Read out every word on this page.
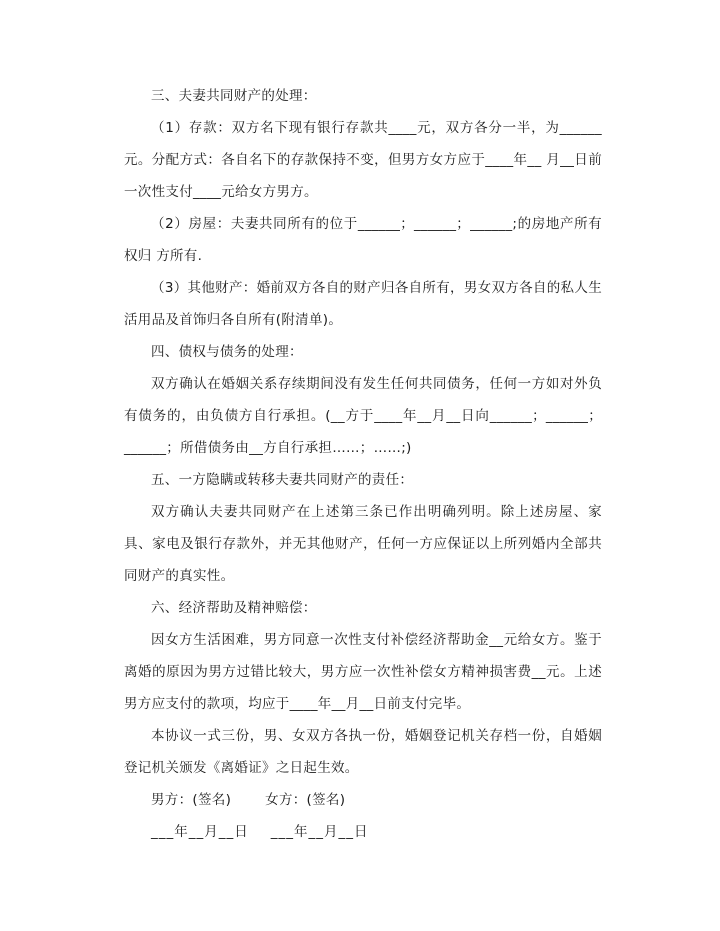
三、夫妻共同财产的处理：

（1）存款：双方名下现有银行存款共____元，双方各分一半，为______元。分配方式：各自名下的存款保持不变，但男方女方应于____年__ 月__日前一次性支付____元给女方男方。

（2）房屋：夫妻共同所有的位于______；______；______;的房地产所有权归 方所有.

（3）其他财产：婚前双方各自的财产归各自所有，男女双方各自的私人生活用品及首饰归各自所有(附清单)。

四、债权与债务的处理：

双方确认在婚姻关系存续期间没有发生任何共同债务，任何一方如对外负有债务的，由负债方自行承担。(__方于____年__月__日向______；______；______；所借债务由__方自行承担……；……;)

五、一方隐瞒或转移夫妻共同财产的责任：

双方确认夫妻共同财产在上述第三条已作出明确列明。除上述房屋、家具、家电及银行存款外，并无其他财产，任何一方应保证以上所列婚内全部共同财产的真实性。

六、经济帮助及精神赔偿：

因女方生活困难，男方同意一次性支付补偿经济帮助金__元给女方。鉴于离婚的原因为男方过错比较大，男方应一次性补偿女方精神损害费__元。上述男方应支付的款项，均应于____年__月__日前支付完毕。

本协议一式三份，男、女双方各执一份，婚姻登记机关存档一份，自婚姻登记机关颁发《离婚证》之日起生效。

男方：(签名)	女方：(签名)

___年__月__日 ___年__月__日
